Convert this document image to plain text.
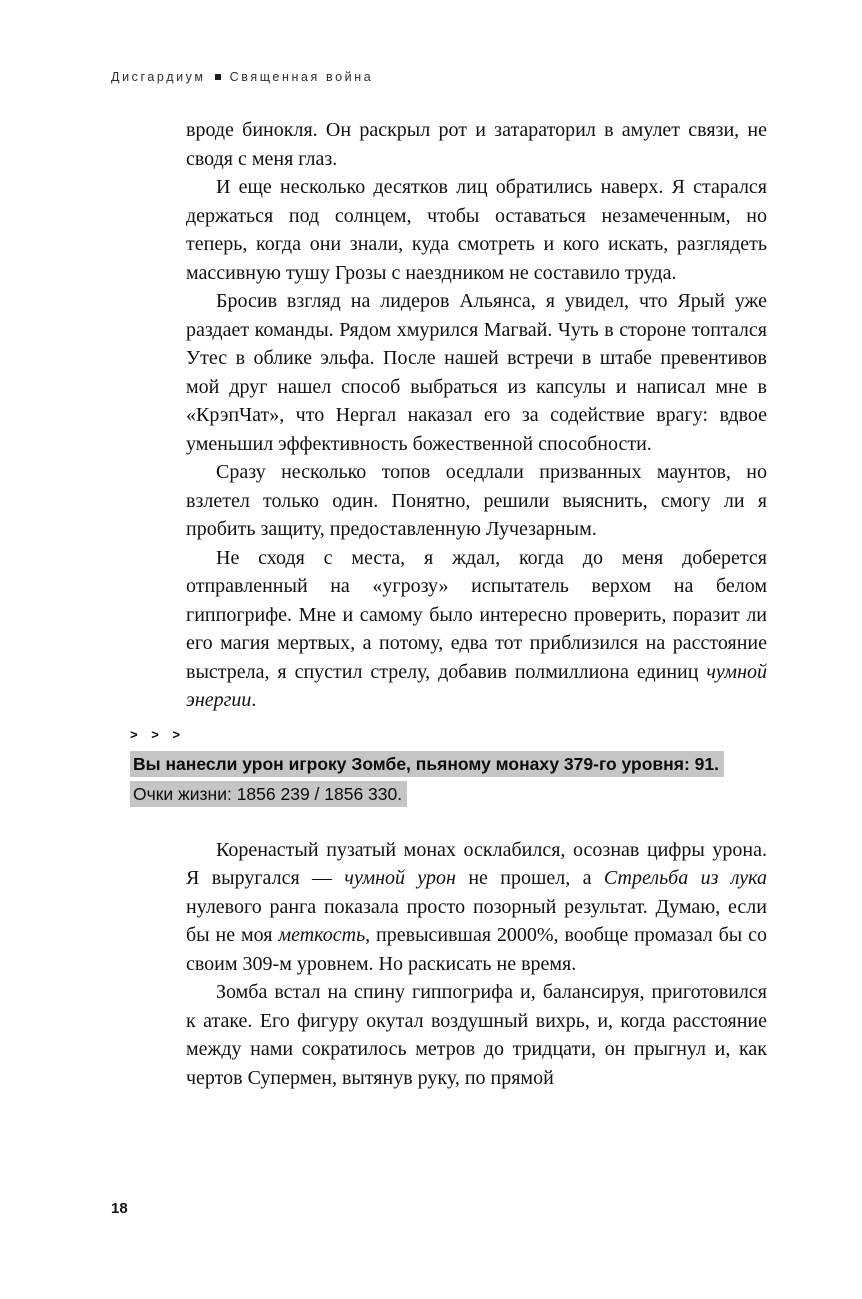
Дисгардиум Священная война

вроде бинокля. Он раскрыл рот и затараторил в амулет связи, не сводя с меня глаз.

И еще несколько десятков лиц обратились наверх. Я старался держаться под солнцем, чтобы оставаться незамеченным, но теперь, когда они знали, куда смотреть и кого искать, разглядеть массивную тушу Грозы с наездником не составило труда.

Бросив взгляд на лидеров Альянса, я увидел, что Ярый уже раздает команды. Рядом хмурился Магвай. Чуть в стороне топтался Утес в облике эльфа. После нашей встречи в штабе превентивов мой друг нашел способ выбраться из капсулы и написал мне в «КрэпЧат», что Нергал наказал его за содействие врагу: вдвое уменьшил эффективность божественной способности.

Сразу несколько топов оседлали призванных маунтов, но взлетел только один. Понятно, решили выяснить, смогу ли я пробить защиту, предоставленную Лучезарным.

Не сходя с места, я ждал, когда до меня доберется отправленный на «угрозу» испытатель верхом на белом гиппогрифе. Мне и самому было интересно проверить, поразит ли его магия мертвых, а потому, едва тот приблизился на расстояние выстрела, я спустил стрелу, добавив полмиллиона единиц чумной энергии.

> > >
Вы нанесли урон игроку Зомбе, пьяному монаху 379-го уровня: 91.
Очки жизни: 1856 239 / 1856 330.

Коренастый пузатый монах осклабился, осознав цифры урона. Я выругался — чумной урон не прошел, а Стрельба из лука нулевого ранга показала просто позорный результат. Думаю, если бы не моя меткость, превысившая 2000%, вообще промазал бы со своим 309-м уровнем. Но раскисать не время.

Зомба встал на спину гиппогрифа и, балансируя, приготовился к атаке. Его фигуру окутал воздушный вихрь, и, когда расстояние между нами сократилось метров до тридцати, он прыгнул и, как чертов Супермен, вытянув руку, по прямой

18
